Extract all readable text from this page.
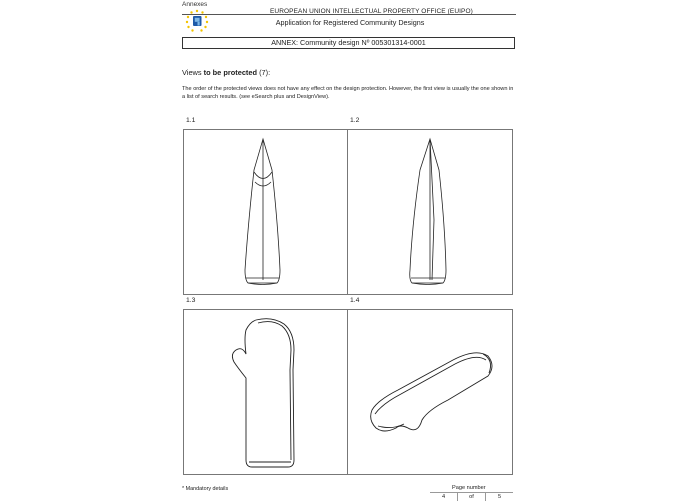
Annexes
EUROPEAN UNION INTELLECTUAL PROPERTY OFFICE (EUIPO)
Application for Registered Community Designs
ANNEX: Community design Nº 005301314-0001
Views to be protected (7):
The order of the protected views does not have any effect on the design protection. However, the first view is usually the one shown in a list of search results. (see eSearch plus and DesignView).
1.1	1.2
1.3	1.4
* Mandatory details	Page number
4	of	5
